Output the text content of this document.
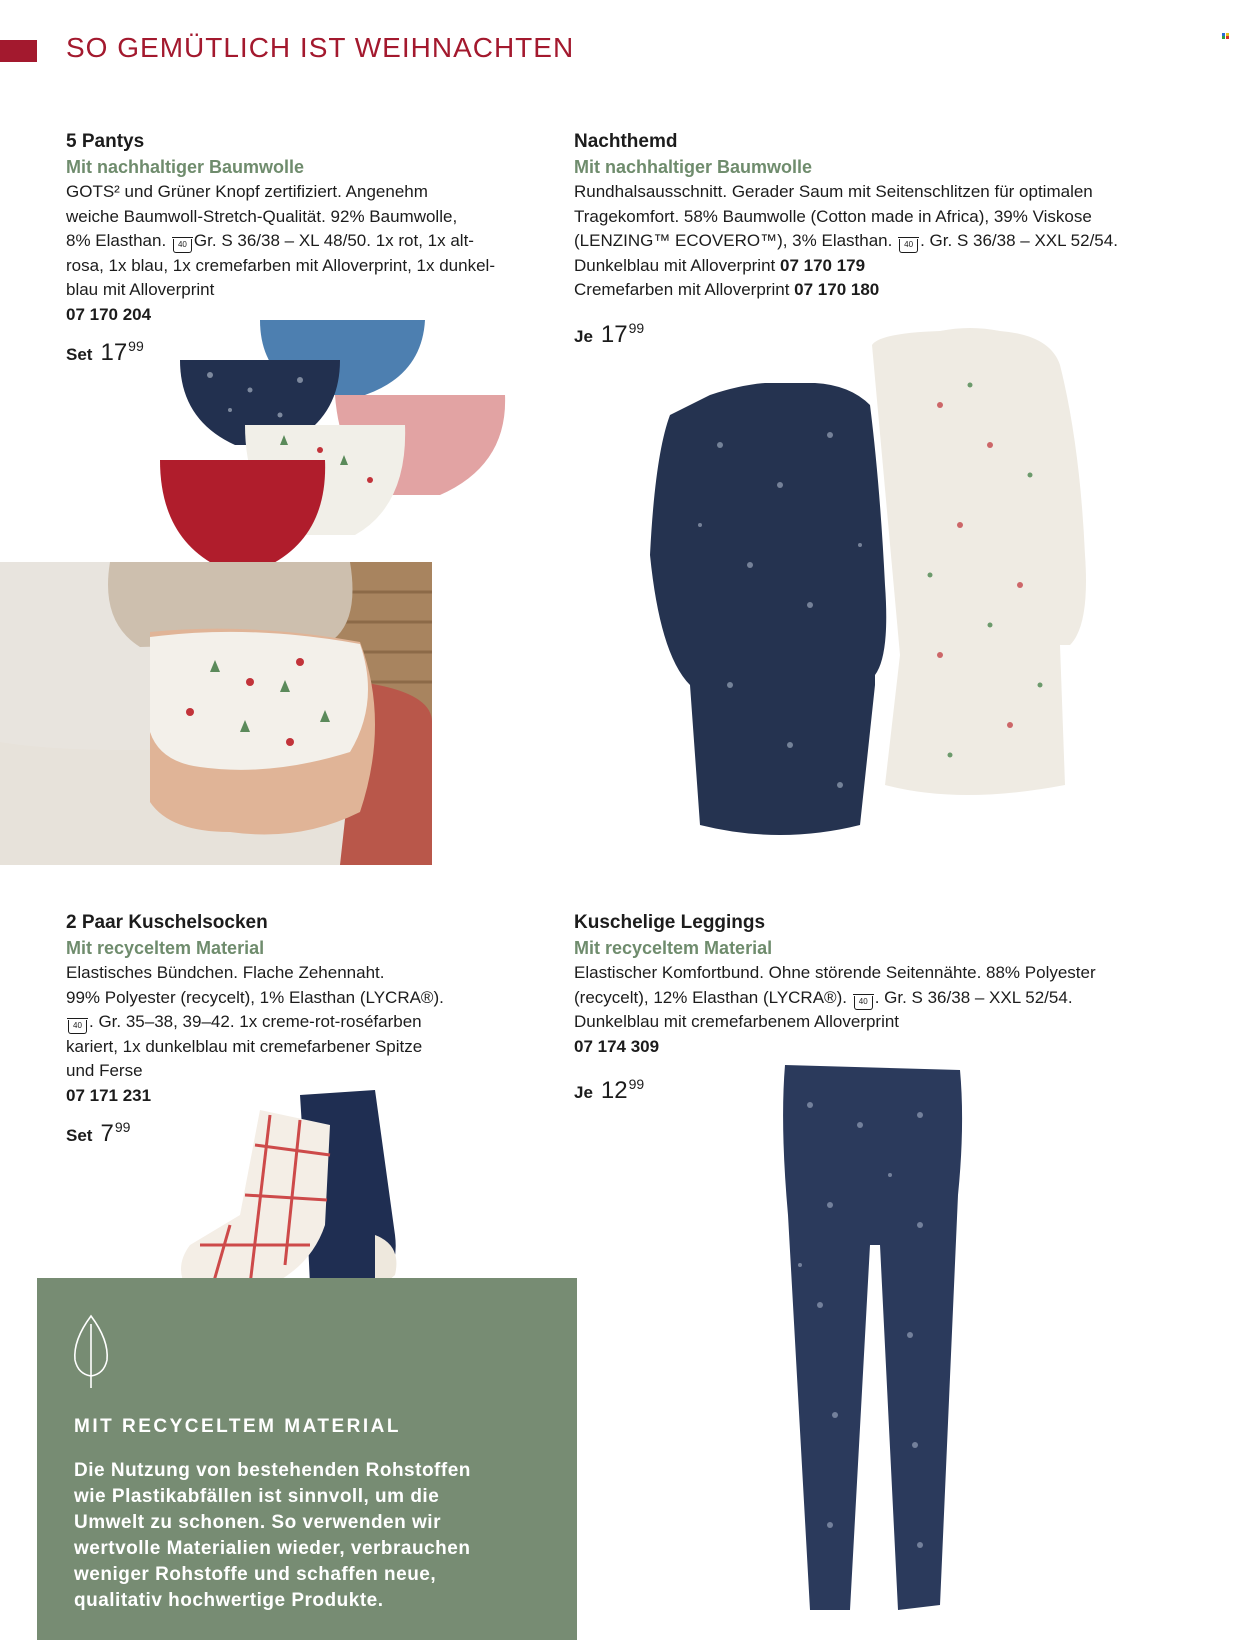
SO GEMÜTLICH IST WEIHNACHTEN

5 Pantys

Mit nachhaltiger Baumwolle

GOTS² und Grüner Knopf zertifiziert. Angenehm
weiche Baumwoll-Stretch-Qualität. 92% Baumwolle,
8% Elasthan. 40 Gr. S 36/38 – XL 48/50. 1x rot, 1x alt-
rosa, 1x blau, 1x cremefarben mit Alloverprint, 1x dunkel-
blau mit Alloverprint

07 170 204

Set 1799

Nachthemd

Mit nachhaltiger Baumwolle

Rundhalsausschnitt. Gerader Saum mit Seitenschlitzen für optimalen
Tragekomfort. 58% Baumwolle (Cotton made in Africa), 39% Viskose
(LENZING™ ECOVERO™), 3% Elasthan. 40 . Gr. S 36/38 – XXL 52/54.
Dunkelblau mit Alloverprint 07 170 179
Cremefarben mit Alloverprint 07 170 180

Je 1799

2 Paar Kuschelsocken

Mit recyceltem Material

Elastisches Bündchen. Flache Zehennaht.
99% Polyester (recycelt), 1% Elasthan (LYCRA®).
40 . Gr. 35–38, 39–42. 1x creme-rot-roséfarben
kariert, 1x dunkelblau mit cremefarbener Spitze
und Ferse

07 171 231

Set 799

Kuschelige Leggings

Mit recyceltem Material

Elastischer Komfortbund. Ohne störende Seitennähte. 88% Polyester
(recycelt), 12% Elasthan (LYCRA®). 40 . Gr. S 36/38 – XXL 52/54.
Dunkelblau mit cremefarbenem Alloverprint

07 174 309

Je 1299
MIT RECYCELTEM MATERIAL
Die Nutzung von bestehenden Rohstoffen
wie Plastikabfällen ist sinnvoll, um die
Umwelt zu schonen. So verwenden wir
wertvolle Materialien wieder, verbrauchen
weniger Rohstoffe und schaffen neue,
qualitativ hochwertige Produkte.
